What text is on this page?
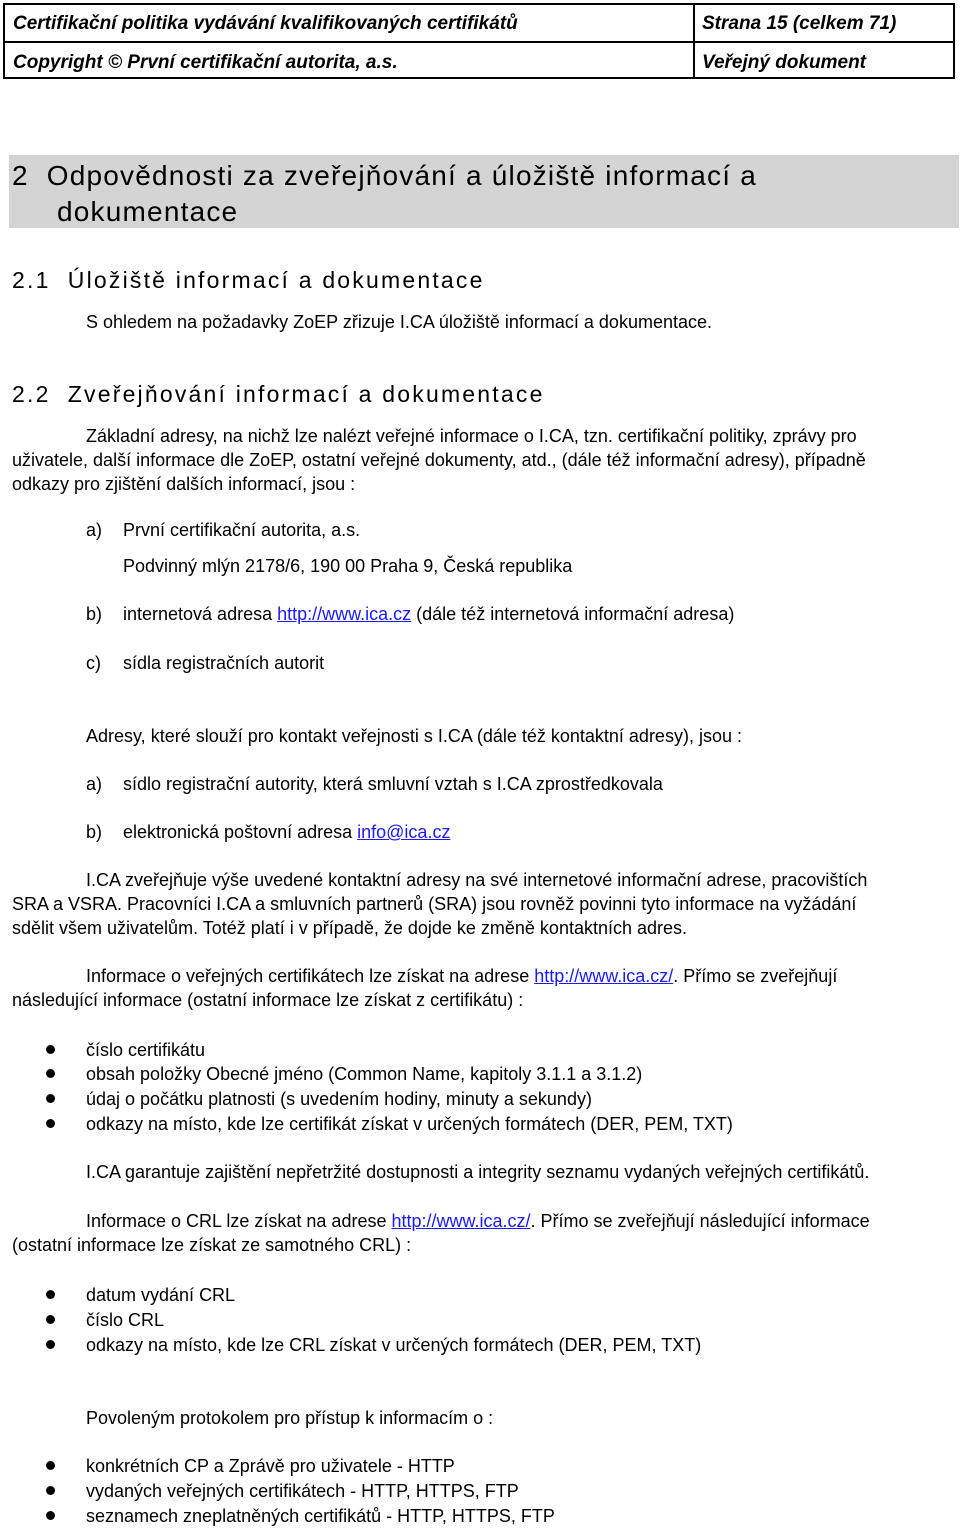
Certifikační politika vydávání kvalifikovaných certifikátů	Strana 15 (celkem 71)
Copyright © První certifikační autorita, a.s.	Veřejný dokument
2 Odpovědnosti za zveřejňování a úložiště informací a
dokumentace
2.1 Úložiště informací a dokumentace
S ohledem na požadavky ZoEP zřizuje I.CA úložiště informací a dokumentace.
2.2 Zveřejňování informací a dokumentace
Základní adresy, na nichž lze nalézt veřejné informace o I.CA, tzn. certifikační politiky, zprávy pro
uživatele, další informace dle ZoEP, ostatní veřejné dokumenty, atd., (dále též informační adresy), případně
odkazy pro zjištění dalších informací, jsou :
a) První certifikační autorita, a.s.
Podvinný mlýn 2178/6, 190 00 Praha 9, Česká republika
b) internetová adresa http://www.ica.cz (dále též internetová informační adresa)
c) sídla registračních autorit
Adresy, které slouží pro kontakt veřejnosti s I.CA (dále též kontaktní adresy), jsou :
a) sídlo registrační autority, která smluvní vztah s I.CA zprostředkovala
b) elektronická poštovní adresa info@ica.cz
I.CA zveřejňuje výše uvedené kontaktní adresy na své internetové informační adrese, pracovištích
SRA a VSRA. Pracovníci I.CA a smluvních partnerů (SRA) jsou rovněž povinni tyto informace na vyžádání
sdělit všem uživatelům. Totéž platí i v případě, že dojde ke změně kontaktních adres.
Informace o veřejných certifikátech lze získat na adrese http://www.ica.cz/. Přímo se zveřejňují
následující informace (ostatní informace lze získat z certifikátu) :
číslo certifikátu
obsah položky Obecné jméno (Common Name, kapitoly 3.1.1 a 3.1.2)
údaj o počátku platnosti (s uvedením hodiny, minuty a sekundy)
odkazy na místo, kde lze certifikát získat v určených formátech (DER, PEM, TXT)
I.CA garantuje zajištění nepřetržité dostupnosti a integrity seznamu vydaných veřejných certifikátů.
Informace o CRL lze získat na adrese http://www.ica.cz/. Přímo se zveřejňují následující informace
(ostatní informace lze získat ze samotného CRL) :
datum vydání CRL
číslo CRL
odkazy na místo, kde lze CRL získat v určených formátech (DER, PEM, TXT)
Povoleným protokolem pro přístup k informacím o :
konkrétních CP a Zprávě pro uživatele - HTTP
vydaných veřejných certifikátech - HTTP, HTTPS, FTP
seznamech zneplatněných certifikátů - HTTP, HTTPS, FTP
